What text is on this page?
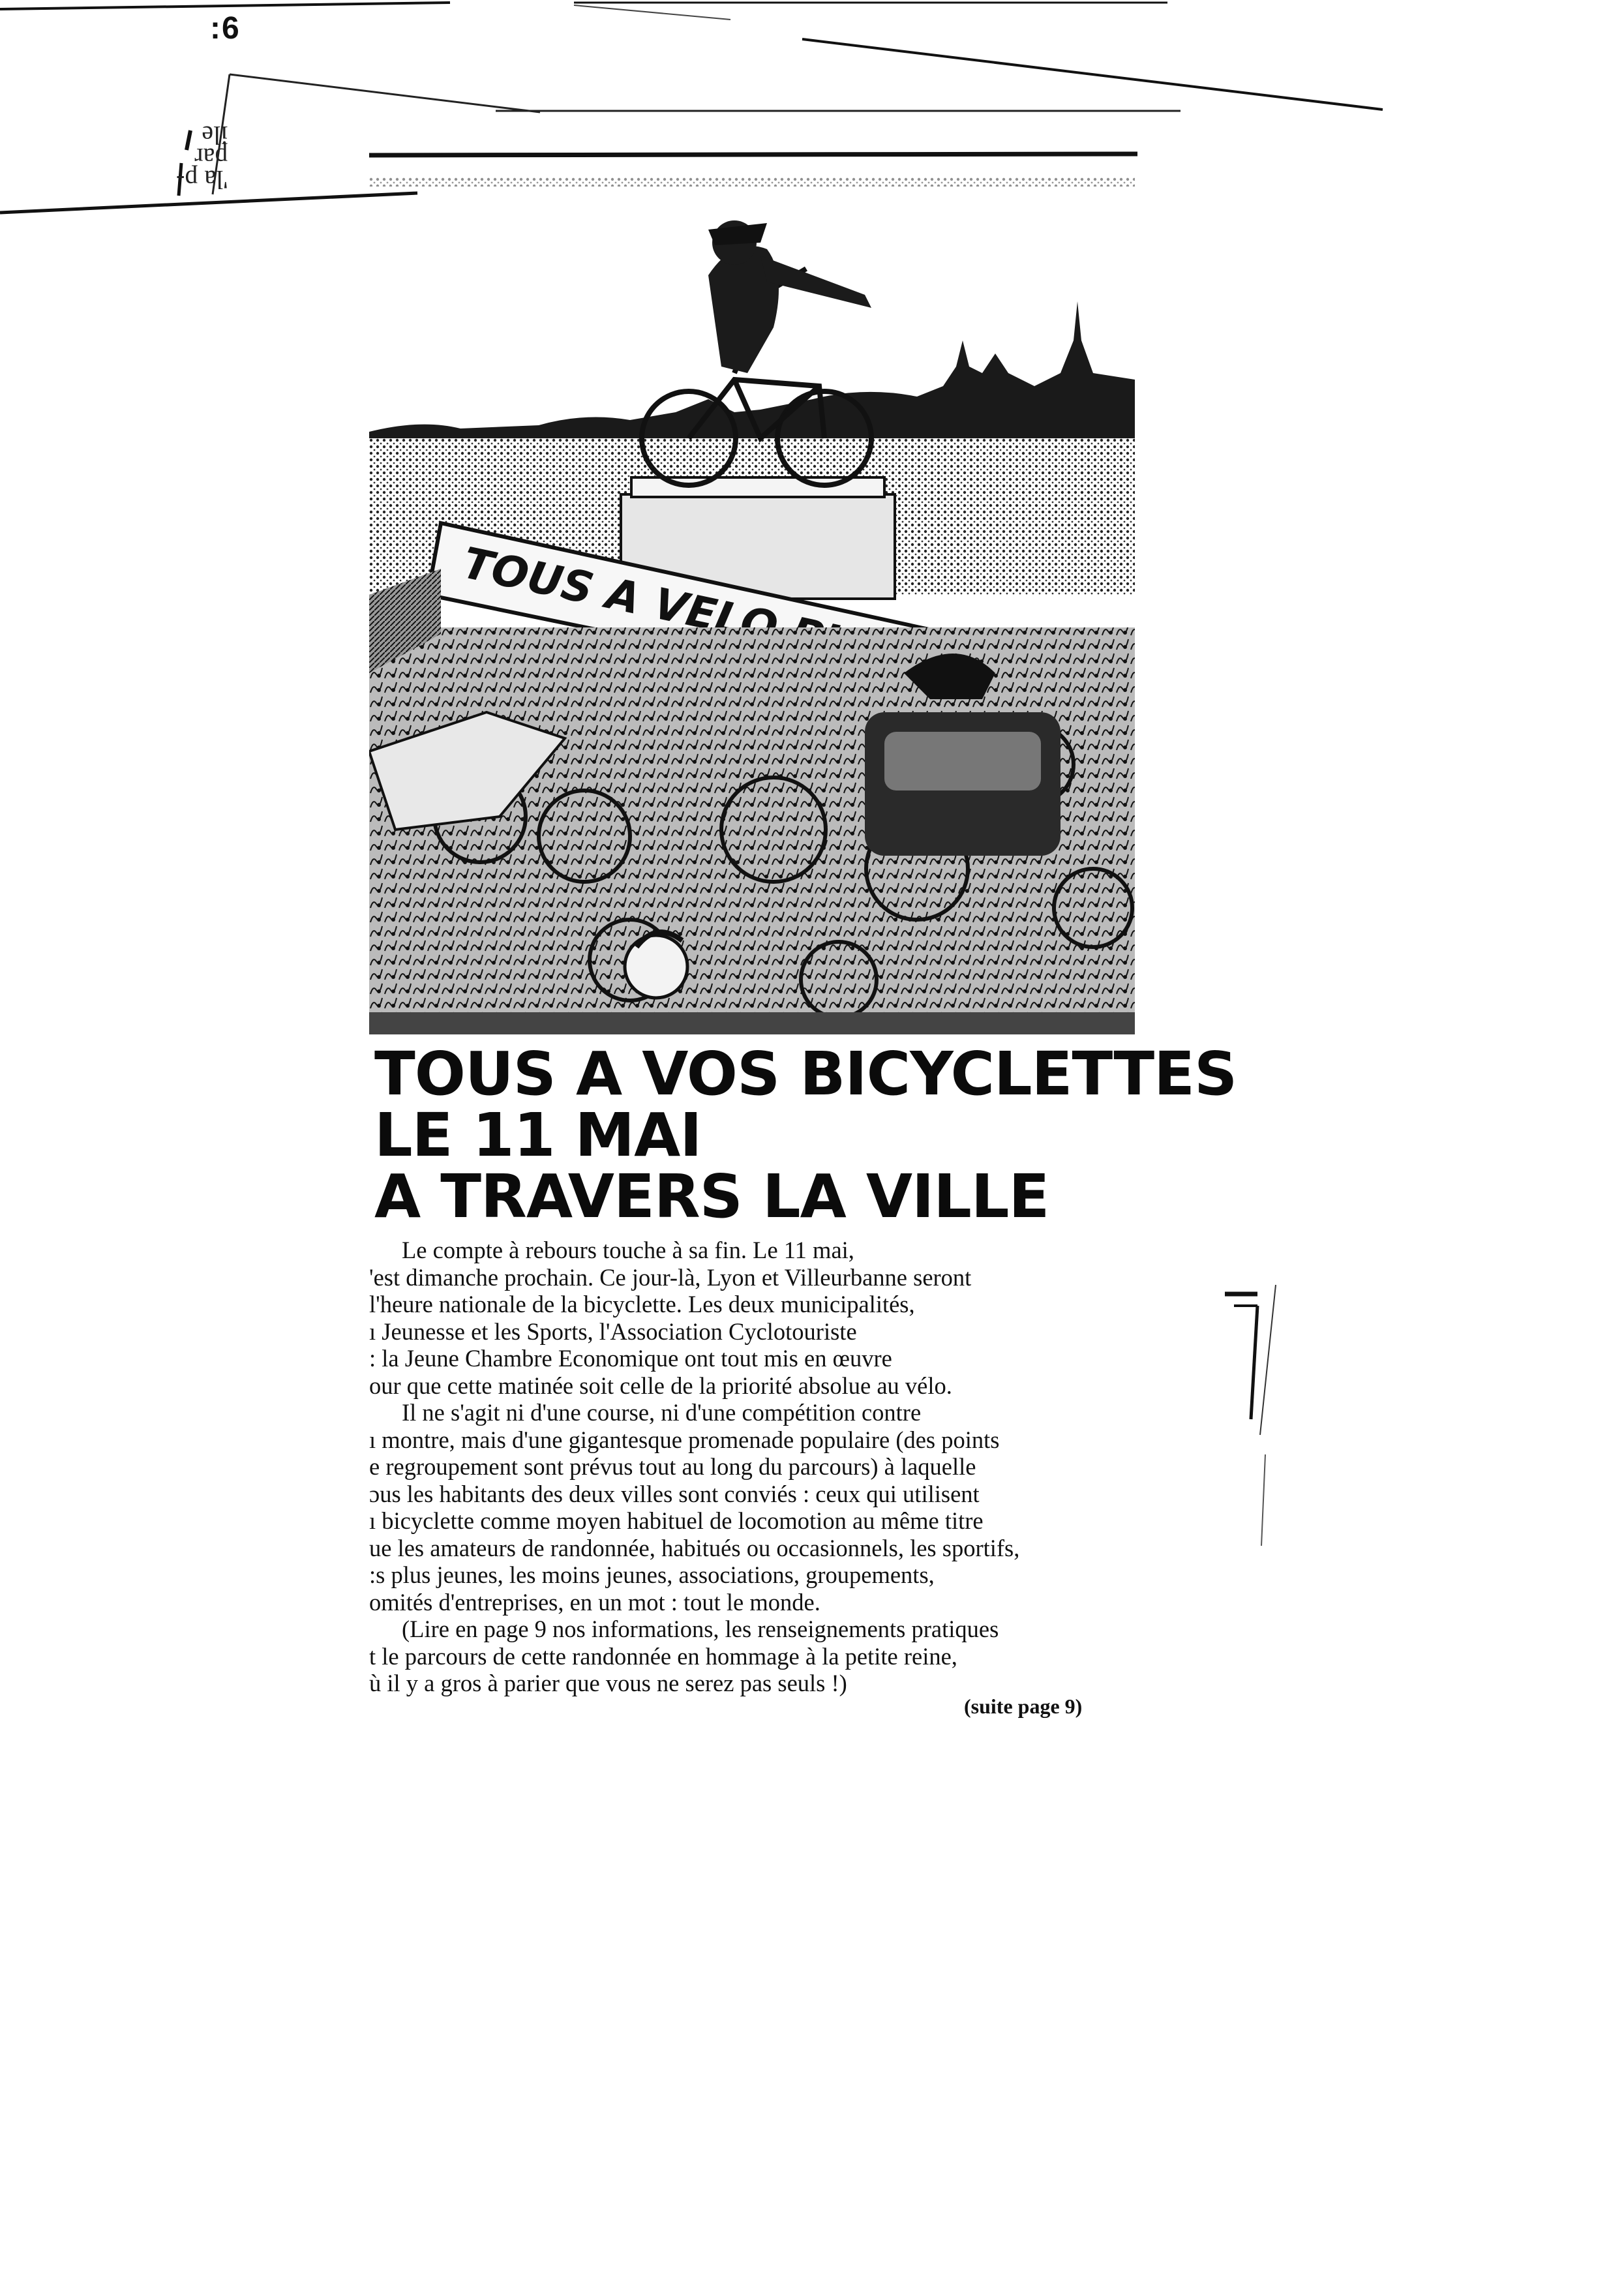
:6
'la p-
par
ile
TOUS A VOS BICYCLETTES
LE 11 MAI
A TRAVERS LA VILLE
Le compte à rebours touche à sa fin. Le 11 mai,
'est dimanche prochain. Ce jour-là, Lyon et Villeurbanne seront
l'heure nationale de la bicyclette. Les deux municipalités,
ı Jeunesse et les Sports, l'Association Cyclotouriste
: la Jeune Chambre Economique ont tout mis en œuvre
our que cette matinée soit celle de la priorité absolue au vélo.
Il ne s'agit ni d'une course, ni d'une compétition contre
ı montre, mais d'une gigantesque promenade populaire (des points
e regroupement sont prévus tout au long du parcours) à laquelle
ɔus les habitants des deux villes sont conviés : ceux qui utilisent
ı bicyclette comme moyen habituel de locomotion au même titre
ue les amateurs de randonnée, habitués ou occasionnels, les sportifs,
:s plus jeunes, les moins jeunes, associations, groupements,
omités d'entreprises, en un mot : tout le monde.
(Lire en page 9 nos informations, les renseignements pratiques
t le parcours de cette randonnée en hommage à la petite reine,
ù il y a gros à parier que vous ne serez pas seuls !)
(suite page 9)
